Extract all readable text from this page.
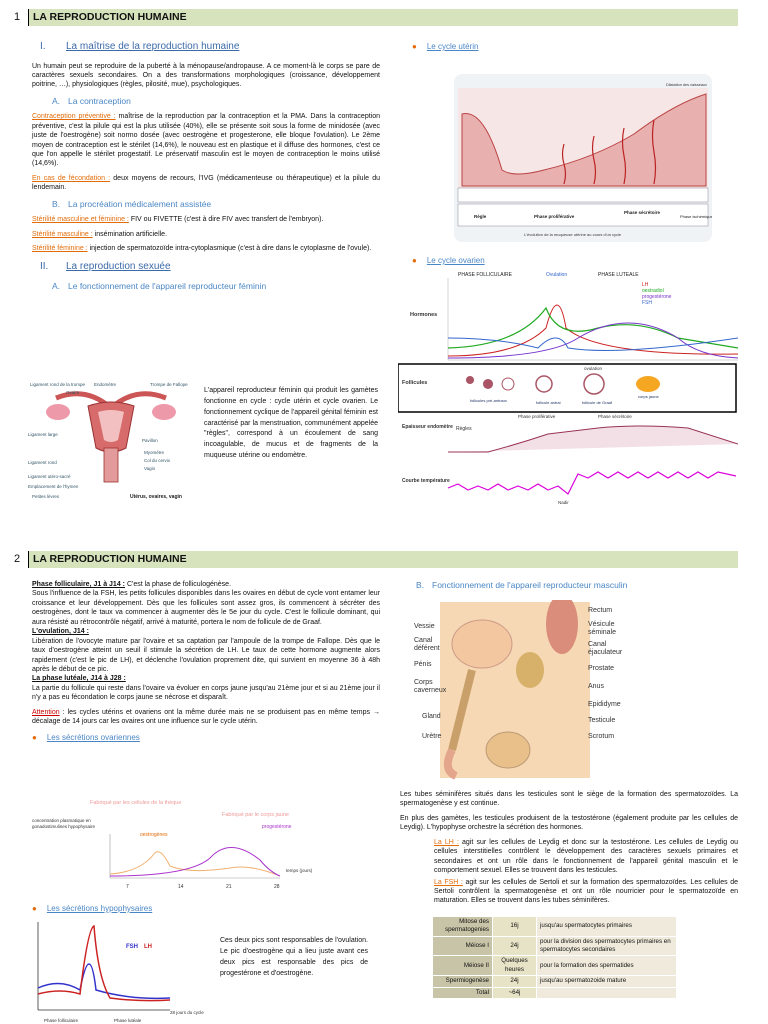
1	LA REPRODUCTION HUMAINE
I. La maîtrise de la reproduction humaine

Un humain peut se reproduire de la puberté à la ménopause/andropause. A ce moment-là le corps se pare de caractères sexuels secondaires. On a des transformations morphologiques (croissance, développement poitrine, …), physiologiques (règles, pilosité, mue), psychologiques.

A. La contraception

Contraception préventive : maîtrise de la reproduction par la contraception et la PMA. Dans la contraception préventive, c'est la pilule qui est la plus utilisée (40%), elle se présente soit sous la forme de minidosée (avec juste de l'oestrogène) soit normo dosée (avec oestrogène et progesterone, elle bloque l'ovulation). Le 2ème moyen de contraception est le stérilet (14,6%), le nouveau est en plastique et il diffuse des hormones, c'est ce que l'on appelle le stérilet progestatif. Le préservatif masculin est le moyen de contraception le moins utilisé (14,6%).

En cas de fécondation : deux moyens de recours, l'IVG (médicamenteuse ou thérapeutique) et la pilule du lendemain.

B. La procréation médicalement assistée

Stérilité masculine et féminine : FIV ou FIVETTE (c'est à dire FIV avec transfert de l'embryon).

Stérilité masculine : insémination artificielle.

Stérilité féminine : injection de spermatozoïde intra-cytoplasmique (c'est à dire dans le cytoplasme de l'ovule).

II. La reproduction sexuée
A. Le fonctionnement de l'appareil reproducteur féminin
Ligament rond de la trompe
Ovaire
Endomètre	Trompe de Fallope
Ligament large
Ligament rond
Ligament utéro-sacré
Emplacement de l'hymen
Petites lèvres
Pavillon
Myomètre
Col du cervix
Vagin
Utérus, ovaires, vagin
L'appareil reproducteur féminin qui produit les gamètes fonctionne en cycle : cycle utérin et cycle ovarien. Le fonctionnement cyclique de l'appareil génital féminin est caractérisé par la menstruation, communément appelée "règles", correspond à un écoulement de sang incoagulable, de mucus et de fragments de la muqueuse utérine ou endomètre.
● Le cycle utérin
Règle	Phase proliférative
Phase sécrétoire
Phase ischémique
Dilatation des vaisseaux
L'évolution de la muqueuse utérine au cours d'un cycle
● Le cycle ovarien
PHASE FOLLICULAIRE	Ovulation	PHASE LUTEALE
LH
oestradiol
progestérone
FSH
Hormones
Follicules
ovulation
follicules pré-antraux	follicule antral	follicule de Graaf
corps jaune
Epaisseur endomètre Règles
Phase proliférative	Phase sécrétoire
Courbe température
Nadir
2	LA REPRODUCTION HUMAINE

Phase folliculaire, J1 à J14 : C'est la phase de folliculogénèse.

Sous l'influence de la FSH, les petits follicules disponibles dans les ovaires en début de cycle vont entamer leur croissance et leur développement. Dès que les follicules sont assez gros, ils commencent à sécréter des oestrogènes, dont le taux va commencer à augmenter dès le 5e jour du cycle. C'est le follicule dominant, qui aura résisté au rétrocontrôle négatif, arrivé à maturité, portera le nom de follicule de de Graaf.

L'ovulation, J14 :

Libération de l'ovocyte mature par l'ovaire et sa captation par l'ampoule de la trompe de Fallope. Dès que le taux d'oestrogène atteint un seuil il stimule la sécrétion de LH. Le taux de cette hormone augmente alors rapidement (c'est le pic de LH), et déclenche l'ovulation proprement dite, qui survient en moyenne 36 à 48h après le début de ce pic.

La phase lutéale, J14 à J28 :

La partie du follicule qui reste dans l'ovaire va évoluer en corps jaune jusqu'au 21ème jour et si au 21ème jour il n'y a pas eu fécondation le corps jaune se nécrose et disparaît.

Attention : les cycles utérins et ovariens ont la même durée mais ne se produisent pas en même temps → décalage de 14 jours car les ovaires ont une influence sur le cycle utérin.

● Les sécrétions ovariennes
Fabriqué par les cellules de la thèque
Fabriqué par le corps jaune
concentration plasmatique en
gonadostimulines hypophysaire
oestrogènes
progestérone
temps (jours)
7	14	21	28
● Les sécrétions hypophysaires
FSH LH
28 jours du cycle
Phase folliculaire	Phase lutéale
Ces deux pics sont responsables de l'ovulation. Le pic d'oestrogène qui a lieu juste avant ces deux pics est responsable des pics de progestérone et d'oestrogène.
B. Fonctionnement de l'appareil reproducteur masculin
Rectum
Vessie	Vésicule
séminale
Canal
déférent
Canal
éjaculateur
Pénis
Prostate
Corps
caverneux
Anus
Epididyme
Gland
Testicule
Urètre	Scrotum

Les tubes séminifères situés dans les testicules sont le siège de la formation des spermatozoïdes. La spermatogenèse y est continue.

En plus des gamètes, les testicules produisent de la testostérone (également produite par les cellules de Leydig). L'hypophyse orchestre la sécrétion des hormones.

La LH : agit sur les cellules de Leydig et donc sur la testostérone. Les cellules de Leydig ou cellules interstitielles contrôlent le développement des caractères sexuels primaires et secondaires et ont un rôle dans le fonctionnement de l'appareil génital masculin et le comportement sexuel. Elles se trouvent dans les testicules.
La FSH : agit sur les cellules de Sertoli et sur la formation des spermatozoïdes. Les cellules de Sertoli contrôlent la spermatogenèse et ont un rôle nourricier pour le spermatozoïde en maturation. Elles se trouvent dans les tubes séminifères.
Mitose des spermatogenies	16j	jusqu'au spermatocytes primaires
Méiose I	24j	pour la division des spermatocytes primaires en spermatocytes secondaires
Méiose II	Quelques heures	pour la formation des spermatides
Spermiogenèse	24j	jusqu'au spermatozoide mature
Total	~64j	
